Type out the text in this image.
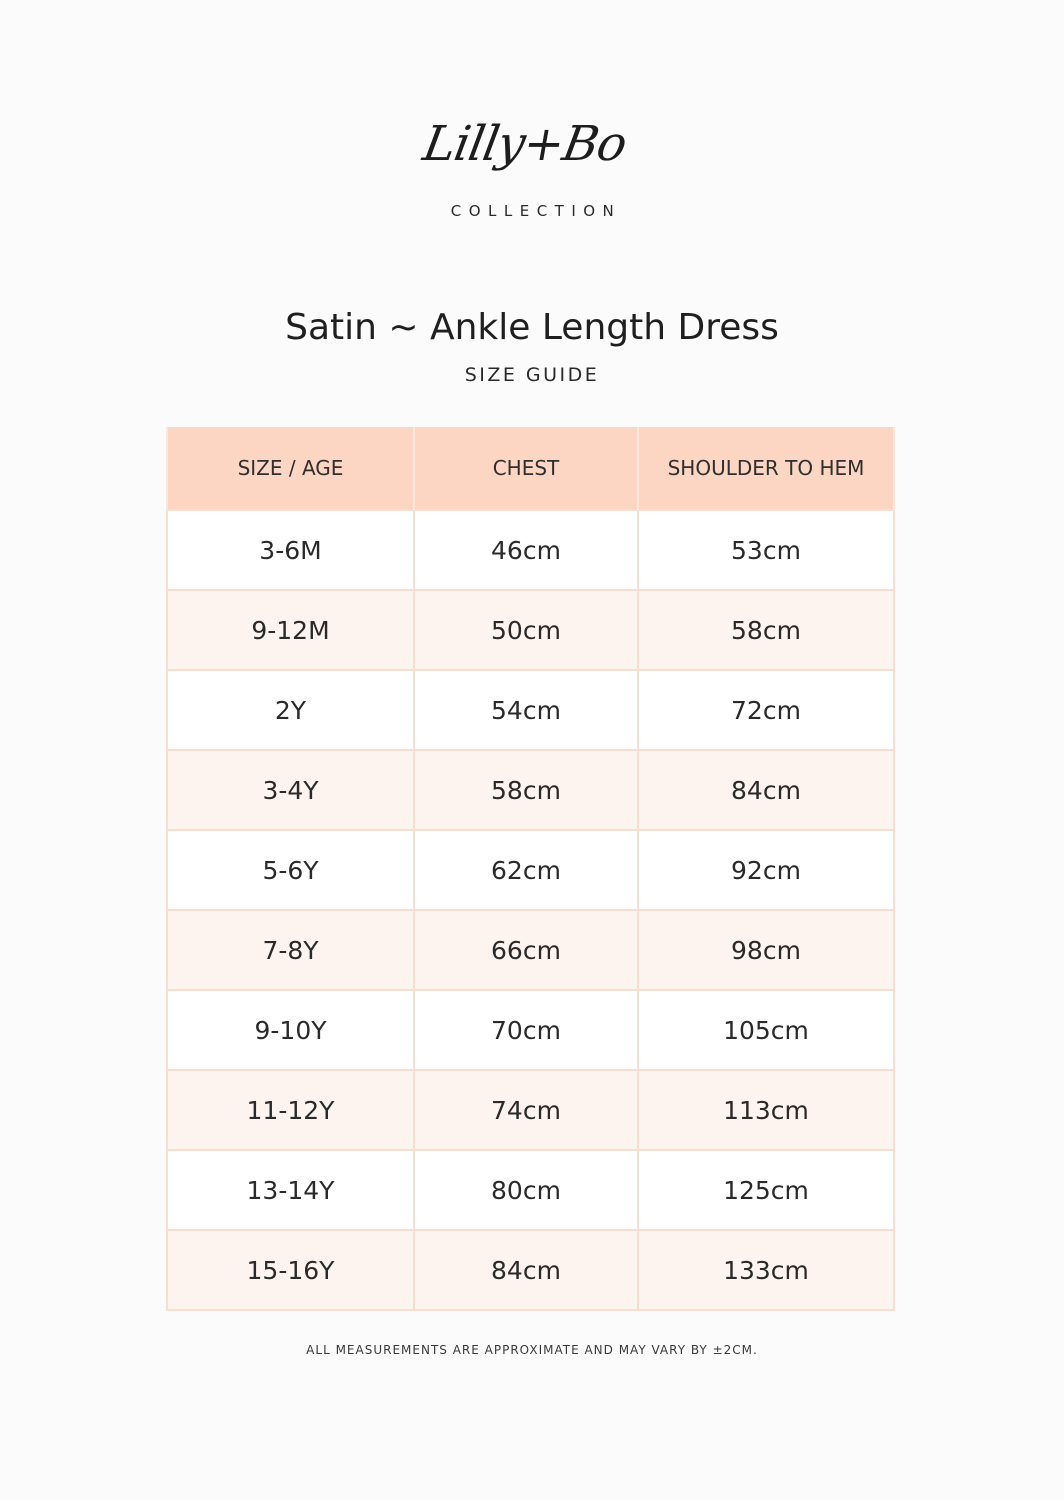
Lilly+Bo
COLLECTION
Satin ~ Ankle Length Dress
SIZE GUIDE
SIZE / AGE	CHEST	SHOULDER TO HEM
3-6M	46cm	53cm
9-12M	50cm	58cm
2Y	54cm	72cm
3-4Y	58cm	84cm
5-6Y	62cm	92cm
7-8Y	66cm	98cm
9-10Y	70cm	105cm
11-12Y	74cm	113cm
13-14Y	80cm	125cm
15-16Y	84cm	133cm
ALL MEASUREMENTS ARE APPROXIMATE AND MAY VARY BY ±2CM.
